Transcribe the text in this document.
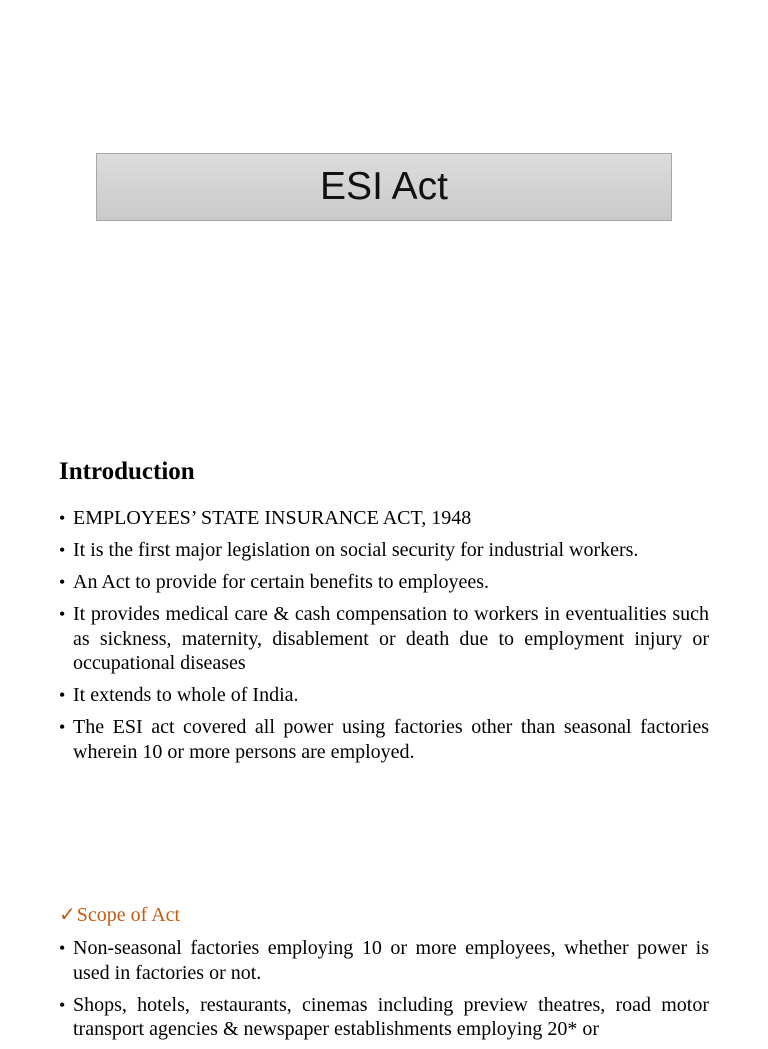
ESI Act
Introduction
• EMPLOYEES’ STATE INSURANCE ACT, 1948
• It is the first major legislation on social security for industrial workers.
• An Act to provide for certain benefits to employees.
• It provides medical care & cash compensation to workers in eventualities such as sickness, maternity, disablement or death due to employment injury or occupational diseases
• It extends to whole of India.
• The ESI act covered all power using factories other than seasonal factories wherein 10 or more persons are employed.
✓Scope of Act
• Non-seasonal factories employing 10 or more employees, whether power is used in factories or not.
• Shops, hotels, restaurants, cinemas including preview theatres, road motor transport agencies & newspaper establishments employing 20* or
